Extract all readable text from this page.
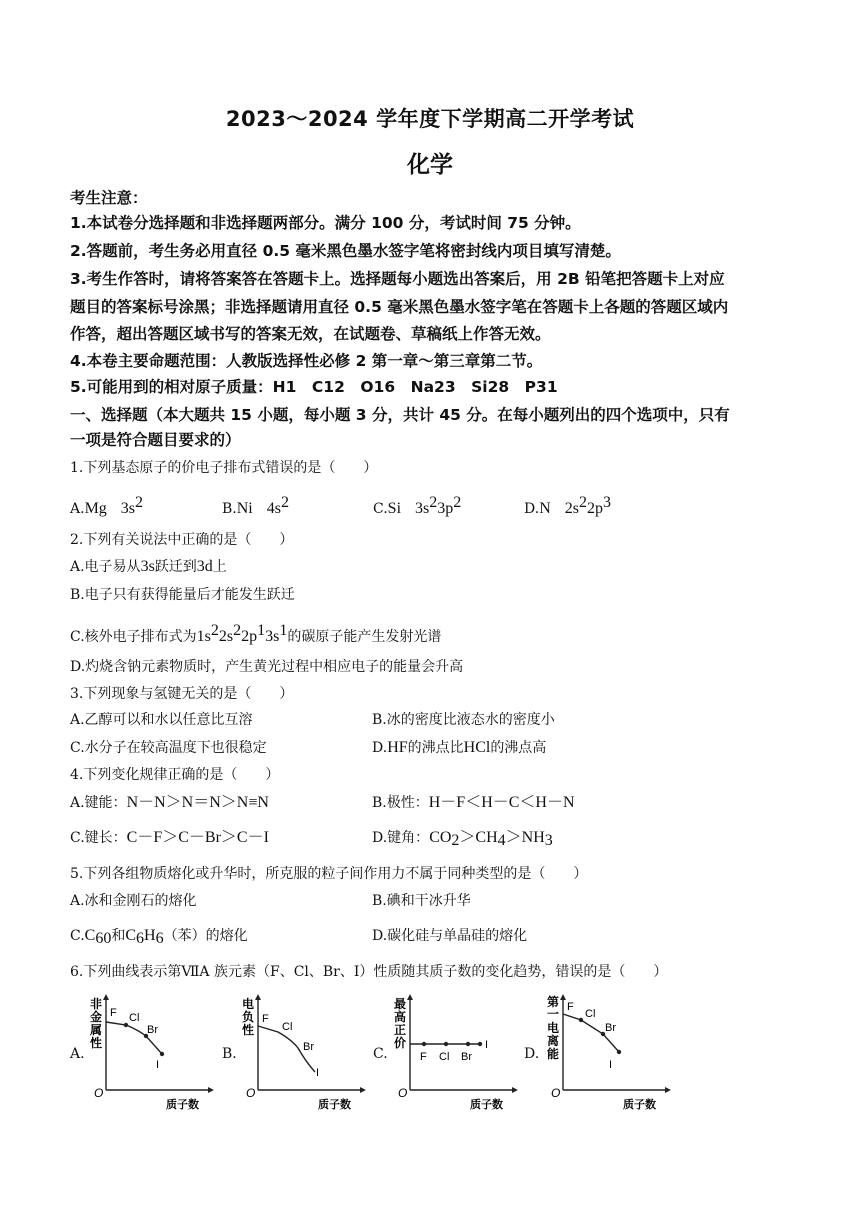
2023～2024 学年度下学期高二开学考试
化学
考生注意：
1.本试卷分选择题和非选择题两部分。满分 100 分，考试时间 75 分钟。
2.答题前，考生务必用直径 0.5 毫米黑色墨水签字笔将密封线内项目填写清楚。
3.考生作答时，请将答案答在答题卡上。选择题每小题选出答案后，用 2B 铅笔把答题卡上对应
题目的答案标号涂黑；非选择题请用直径 0.5 毫米黑色墨水签字笔在答题卡上各题的答题区域内
作答，超出答题区域书写的答案无效，在试题卷、草稿纸上作答无效。
4.本卷主要命题范围：人教版选择性必修 2 第一章～第三章第二节。
5.可能用到的相对原子质量：H1　C12　O16　Na23　Si28　P31
一、选择题（本大题共 15 小题，每小题 3 分，共计 45 分。在每小题列出的四个选项中，只有
一项是符合题目要求的）
1.下列基态原子的价电子排布式错误的是（　　）
A.Mg  $3s^2$	B.Ni  $4s^2$	C.Si  $3s^23p^2$	D.N  $2s^22p^3$
2.下列有关说法中正确的是（　　）
A.电子易从3s跃迁到3d上
B.电子只有获得能量后才能发生跃迁
C.核外电子排布式为$1s^22s^22p^13s^1$的碳原子能产生发射光谱
D.灼烧含钠元素物质时，产生黄光过程中相应电子的能量会升高
3.下列现象与氢键无关的是（　　）
A.乙醇可以和水以任意比互溶	B.冰的密度比液态水的密度小
C.水分子在较高温度下也很稳定	D.HF的沸点比HCl的沸点高
4.下列变化规律正确的是（　　）
A.键能：N－N＞N＝N＞N≡N	B.极性：H－F＜H－C＜H－N
C.键长：C－F＞C－Br＞C－I	D.键角：$CO_2>CH_4>NH_3$
5.下列各组物质熔化或升华时，所克服的粒子间作用力不属于同种类型的是（　　）
A.冰和金刚石的熔化	B.碘和干冰升华
$C.C_{60}$和$C_6H_6$（苯）的熔化	D.碳化硅与单晶硅的熔化
6.下列曲线表示第ⅦA 族元素（F、Cl、Br、I）性质随其质子数的变化趋势，错误的是（　　）
A.
非
金
属
性
F Cl
Br
I
O
质子数
B.
电
负
性
F
Cl
Br
I
O
质子数
C.
最
高
正
价
F Cl Br
I
O
质子数
D.
第
一
电
离
能
F
Cl
Br
I
O
质子数
